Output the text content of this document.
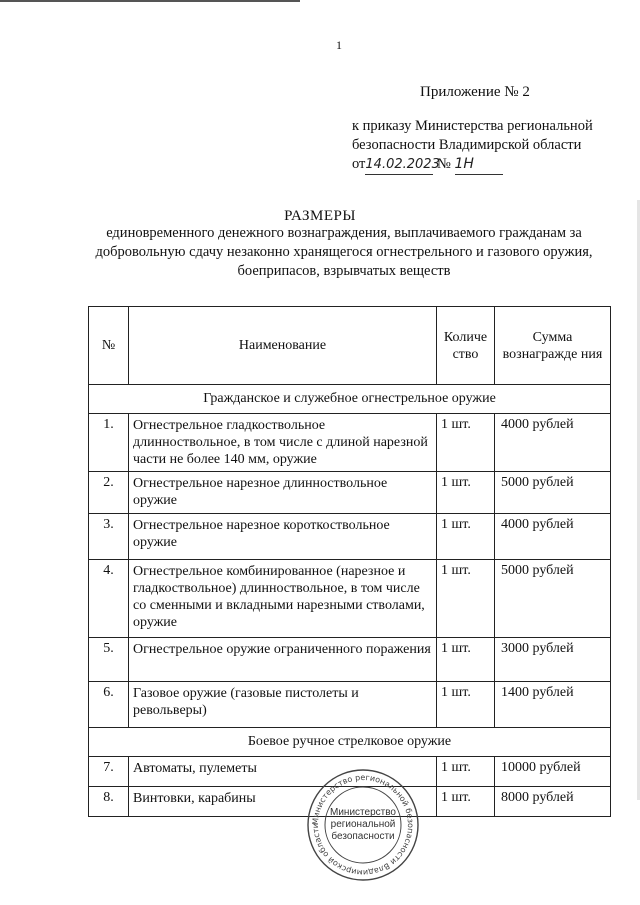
1
Приложение № 2
к приказу Министерства региональной
безопасности Владимирской области
от14.02.2023 № 1Н
РАЗМЕРЫ
единовременного денежного вознаграждения, выплачиваемого гражданам за добровольную сдачу незаконно хранящегося огнестрельного и газового оружия, боеприпасов, взрывчатых веществ
№	Наименование	Количе ство	Сумма вознагражде ния
Гражданское и служебное огнестрельное оружие			
1.	Огнестрельное гладкоствольное длинноствольное, в том числе с длиной нарезной части не более 140 мм, оружие	1 шт.	4000 рублей
2.	Огнестрельное нарезное длинноствольное оружие	1 шт.	5000 рублей
3.	Огнестрельное нарезное короткоствольное оружие	1 шт.	4000 рублей
4.	Огнестрельное комбинированное (нарезное и гладкоствольное) длинноствольное, в том числе со сменными и вкладными нарезными стволами, оружие	1 шт.	5000 рублей
5.	Огнестрельное оружие ограниченного поражения	1 шт.	3000 рублей
6.	Газовое оружие (газовые пистолеты и револьверы)	1 шт.	1400 рублей
Боевое ручное стрелковое оружие			
7.	Автоматы, пулеметы	1 шт.	10000 рублей
8.	Винтовки, карабины	1 шт.	8000 рублей
Министерство региональной безопасности Владимирской области
Министерство
региональной
безопасности
